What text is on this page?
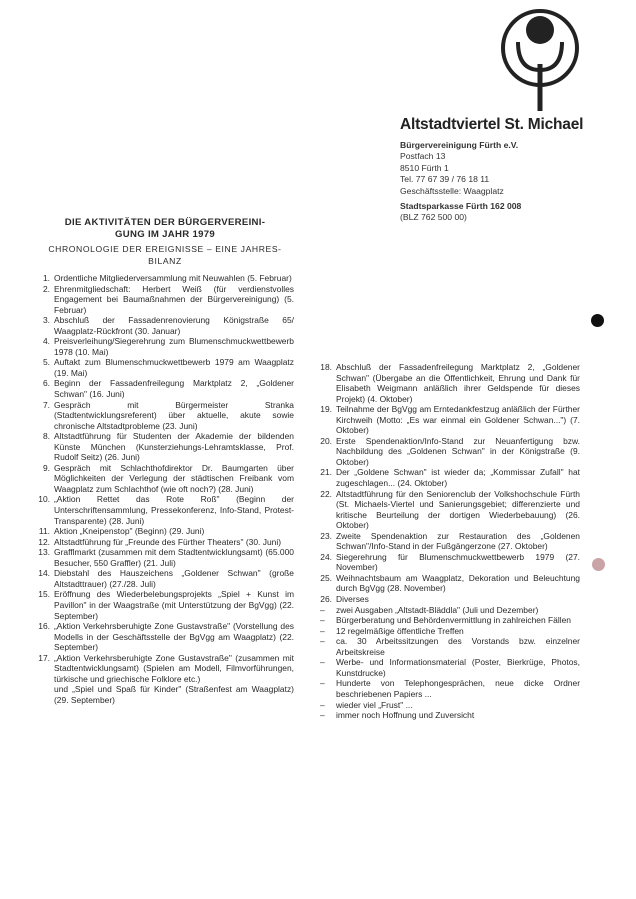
Altstadtviertel St. Michael
Bürgervereinigung Fürth e.V.
Postfach 13
8510 Fürth 1
Tel. 77 67 39 / 76 18 11
Geschäftsstelle: Waagplatz
Stadtsparkasse Fürth 162 008
(BLZ 762 500 00)
DIE AKTIVITÄTEN DER BÜRGERVEREINI-
GUNG IM JAHR 1979
CHRONOLOGIE DER EREIGNISSE – EINE JAHRES-
BILANZ
1. Ordentliche Mitgliederversammlung mit Neuwahlen (5. Februar)
2. Ehrenmitgliedschaft: Herbert Weiß (für verdienstvolles Engagement bei Baumaßnahmen der Bürgervereinigung) (5. Februar)
3. Abschluß der Fassadenrenovierung Königstraße 65/ Waagplatz-Rückfront (30. Januar)
4. Preisverleihung/Siegerehrung zum Blumenschmuckwettbewerb 1978 (10. Mai)
5. Auftakt zum Blumenschmuckwettbewerb 1979 am Waagplatz (19. Mai)
6. Beginn der Fassadenfreilegung Marktplatz 2, „Goldener Schwan" (16. Juni)
7. Gespräch mit Bürgermeister Stranka (Stadtentwicklungsreferent) über aktuelle, akute sowie chronische Altstadtprobleme (23. Juni)
8. Altstadtführung für Studenten der Akademie der bildenden Künste München (Kunsterziehungs-Lehramtsklasse, Prof. Rudolf Seitz) (26. Juni)
9. Gespräch mit Schlachthofdirektor Dr. Baumgarten über Möglichkeiten der Verlegung der städtischen Freibank vom Waagplatz zum Schlachthof (wie oft noch?) (28. Juni)
10. „Aktion Rettet das Rote Roß" (Beginn der Unterschriftensammlung, Pressekonferenz, Info-Stand, Protest-Transparente) (28. Juni)
11. Aktion „Kneipenstop" (Beginn) (29. Juni)
12. Altstadtführung für „Freunde des Fürther Theaters" (30. Juni)
13. Grafflmarkt (zusammen mit dem Stadtentwicklungsamt) (65.000 Besucher, 550 Graffler) (21. Juli)
14. Diebstahl des Hauszeichens „Goldener Schwan" (große Altstadttrauer) (27./28. Juli)
15. Eröffnung des Wiederbelebungsprojekts „Spiel + Kunst im Pavillon" in der Waagstraße (mit Unterstützung der BgVgg) (22. September)
16. „Aktion Verkehrsberuhigte Zone Gustavstraße" (Vorstellung des Modells in der Geschäftsstelle der BgVgg am Waagplatz) (22. September)
17. „Aktion Verkehrsberuhigte Zone Gustavstraße" (zusammen mit Stadtentwicklungsamt) (Spielen am Modell, Filmvorführungen, türkische und griechische Folklore etc.)
und „Spiel und Spaß für Kinder" (Straßenfest am Waagplatz) (29. September)
18. Abschluß der Fassadenfreilegung Marktplatz 2, „Goldener Schwan" (Übergabe an die Öffentlichkeit, Ehrung und Dank für Elisabeth Weigmann anläßlich ihrer Geldspende für dieses Projekt) (4. Oktober)
19. Teilnahme der BgVgg am Erntedankfestzug anläßlich der Fürther Kirchweih (Motto: „Es war einmal ein Goldener Schwan...") (7. Oktober)
20. Erste Spendenaktion/Info-Stand zur Neuanfertigung bzw. Nachbildung des „Goldenen Schwan" in der Königstraße (9. Oktober)
21. Der „Goldene Schwan" ist wieder da; „Kommissar Zufall" hat zugeschlagen... (24. Oktober)
22. Altstadtführung für den Seniorenclub der Volkshochschule Fürth (St. Michaels-Viertel und Sanierungsgebiet; differenzierte und kritische Beurteilung der dortigen Wiederbebauung) (26. Oktober)
23. Zweite Spendenaktion zur Restauration des „Goldenen Schwan"/Info-Stand in der Fußgängerzone (27. Oktober)
24. Siegerehrung für Blumenschmuckwettbewerb 1979 (27. November)
25. Weihnachtsbaum am Waagplatz, Dekoration und Beleuchtung durch BgVgg (28. November)
26. Diverses
–	zwei Ausgaben „Altstadt-Bläddla" (Juli und Dezember)
–	Bürgerberatung und Behördenvermittlung in zahlreichen Fällen
–	12 regelmäßige öffentliche Treffen
–	ca. 30 Arbeitssitzungen des Vorstands bzw. einzelner Arbeitskreise
–	Werbe- und Informationsmaterial (Poster, Bierkrüge, Photos, Kunstdrucke)
–	Hunderte von Telephongesprächen, neue dicke Ordner beschriebenen Papiers ...
–	wieder viel „Frust" ...
–	immer noch Hoffnung und Zuversicht
